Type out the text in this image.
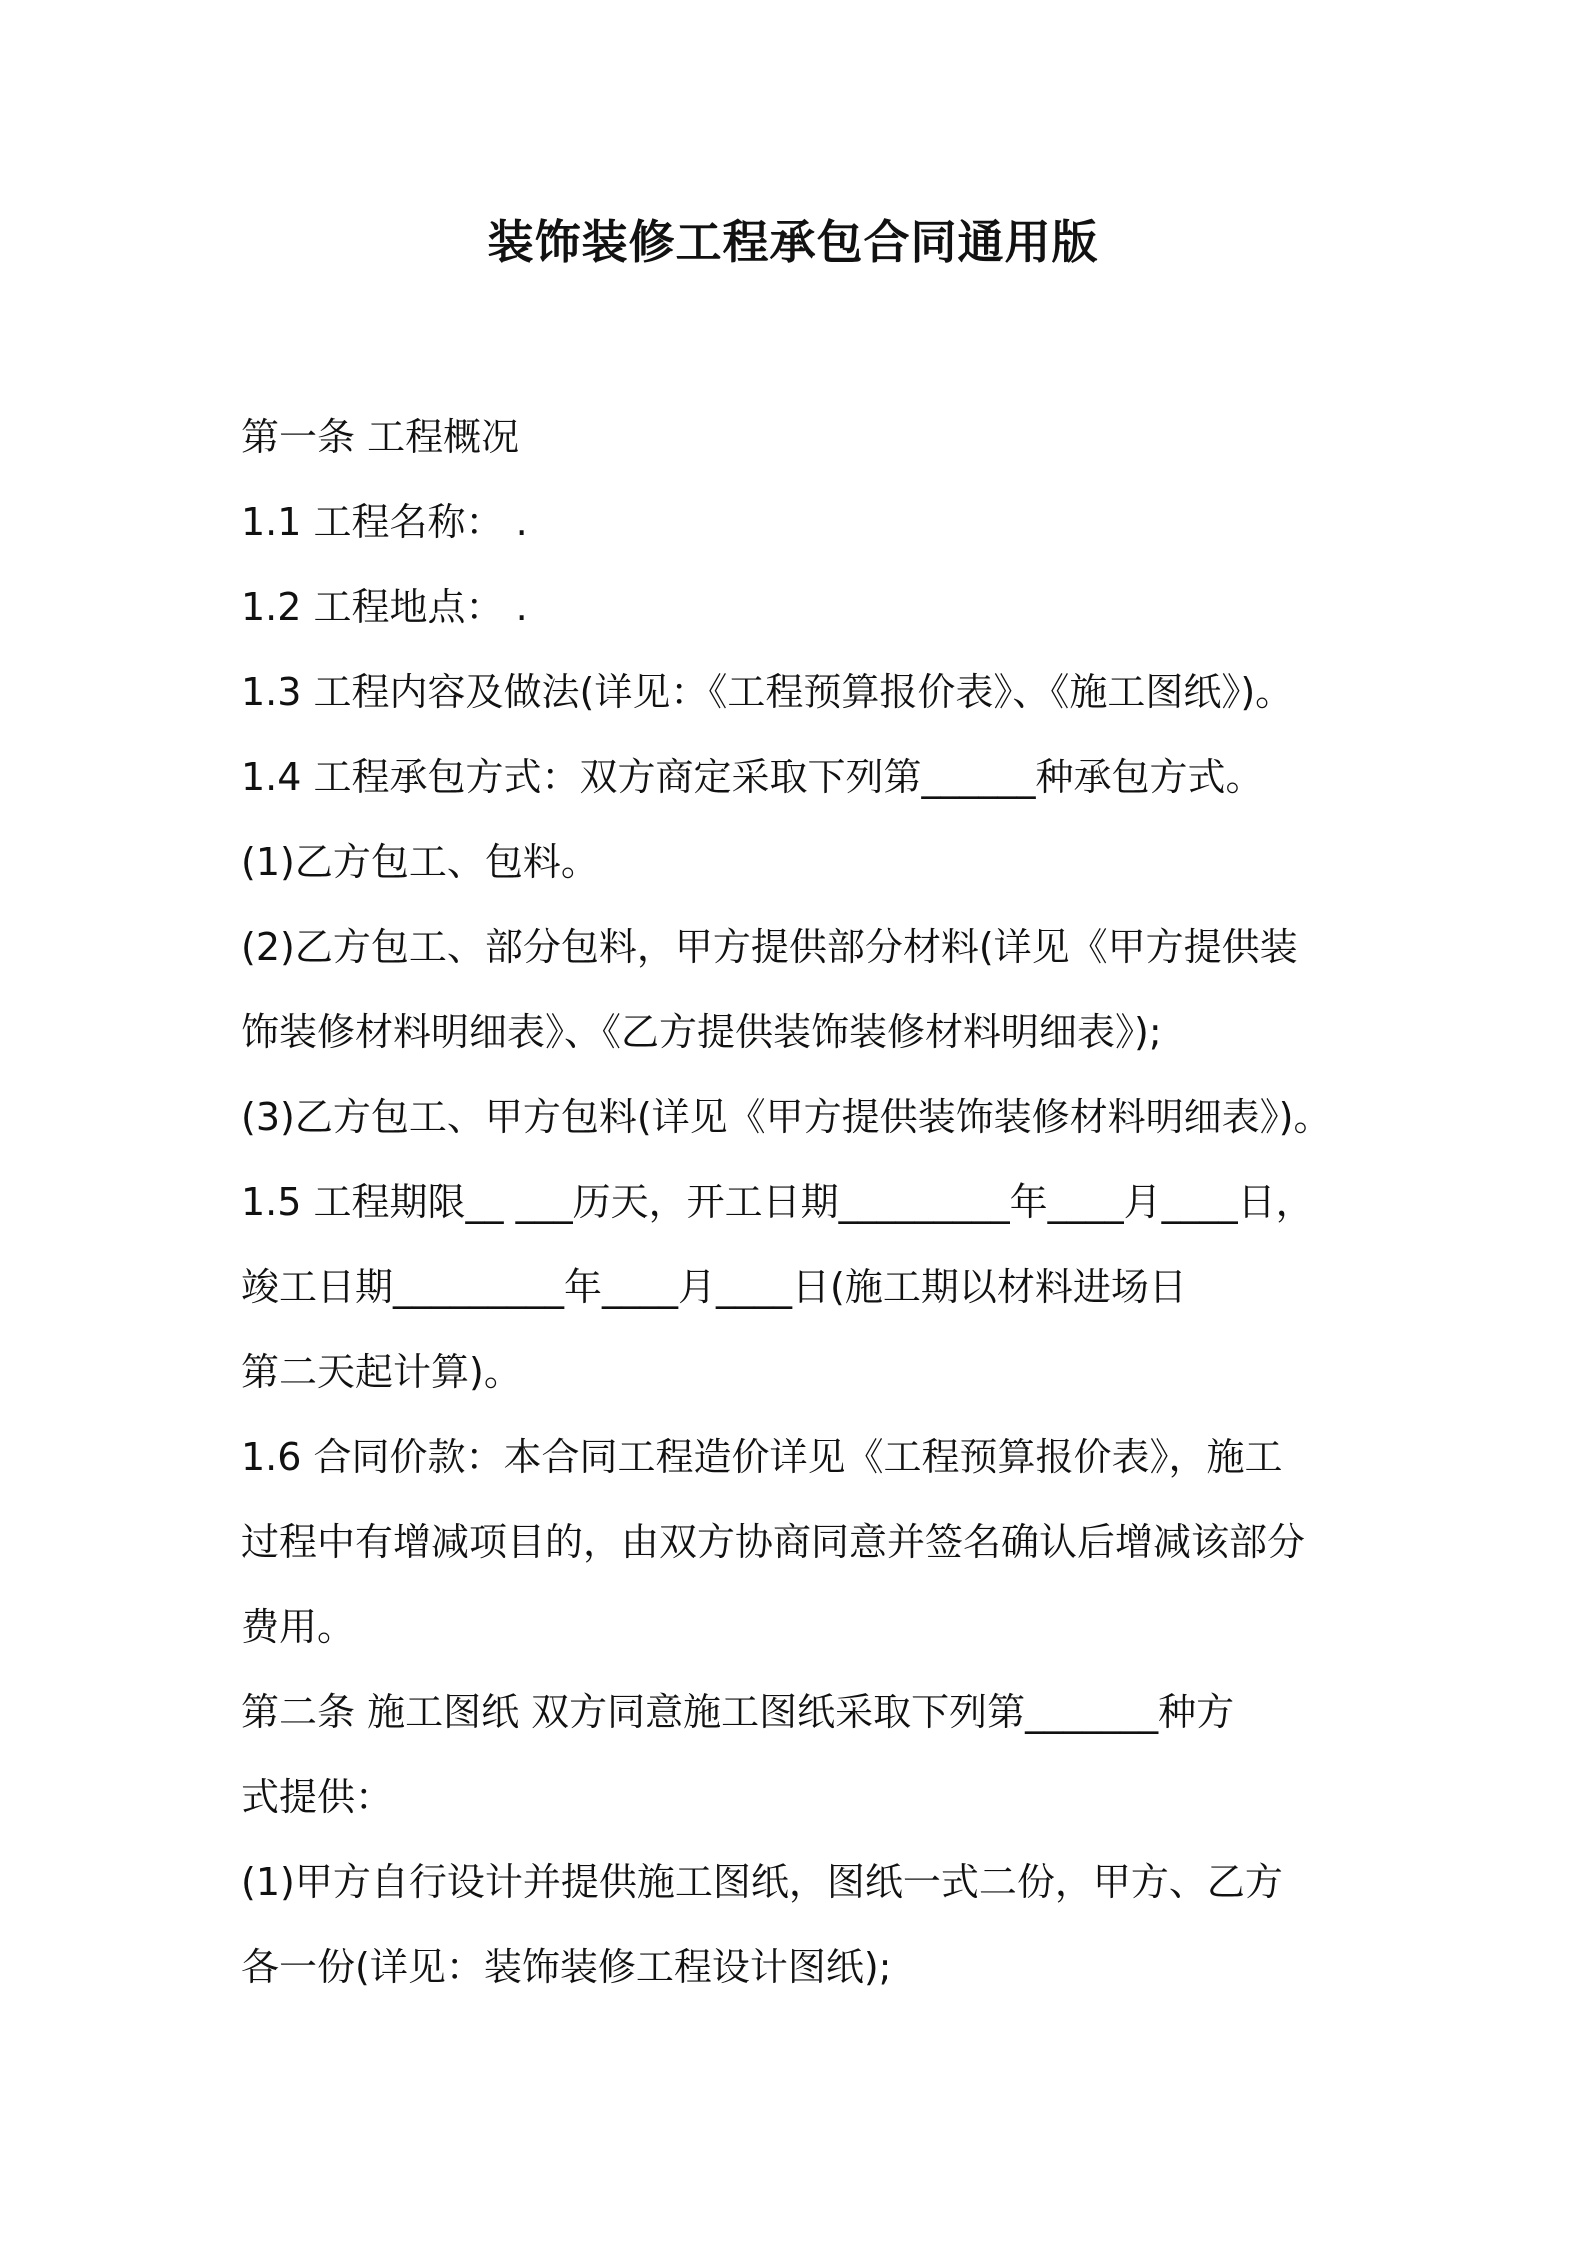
装饰装修工程承包合同通用版
第一条 工程概况
1.1 工程名称： .
1.2 工程地点： .
1.3 工程内容及做法(详见：《工程预算报价表》、《施工图纸》)。
1.4 工程承包方式：双方商定采取下列第______种承包方式。
(1)乙方包工、包料。
(2)乙方包工、部分包料，甲方提供部分材料(详见《甲方提供装
饰装修材料明细表》、《乙方提供装饰装修材料明细表》);
(3)乙方包工、甲方包料(详见《甲方提供装饰装修材料明细表》)。
1.5 工程期限__ ___历天，开工日期_________年____月____日，
竣工日期_________年____月____日(施工期以材料进场日
第二天起计算)。
1.6 合同价款：本合同工程造价详见《工程预算报价表》，施工
过程中有增减项目的，由双方协商同意并签名确认后增减该部分
费用。
第二条 施工图纸 双方同意施工图纸采取下列第_______种方
式提供：
(1)甲方自行设计并提供施工图纸，图纸一式二份，甲方、乙方
各一份(详见：装饰装修工程设计图纸);
